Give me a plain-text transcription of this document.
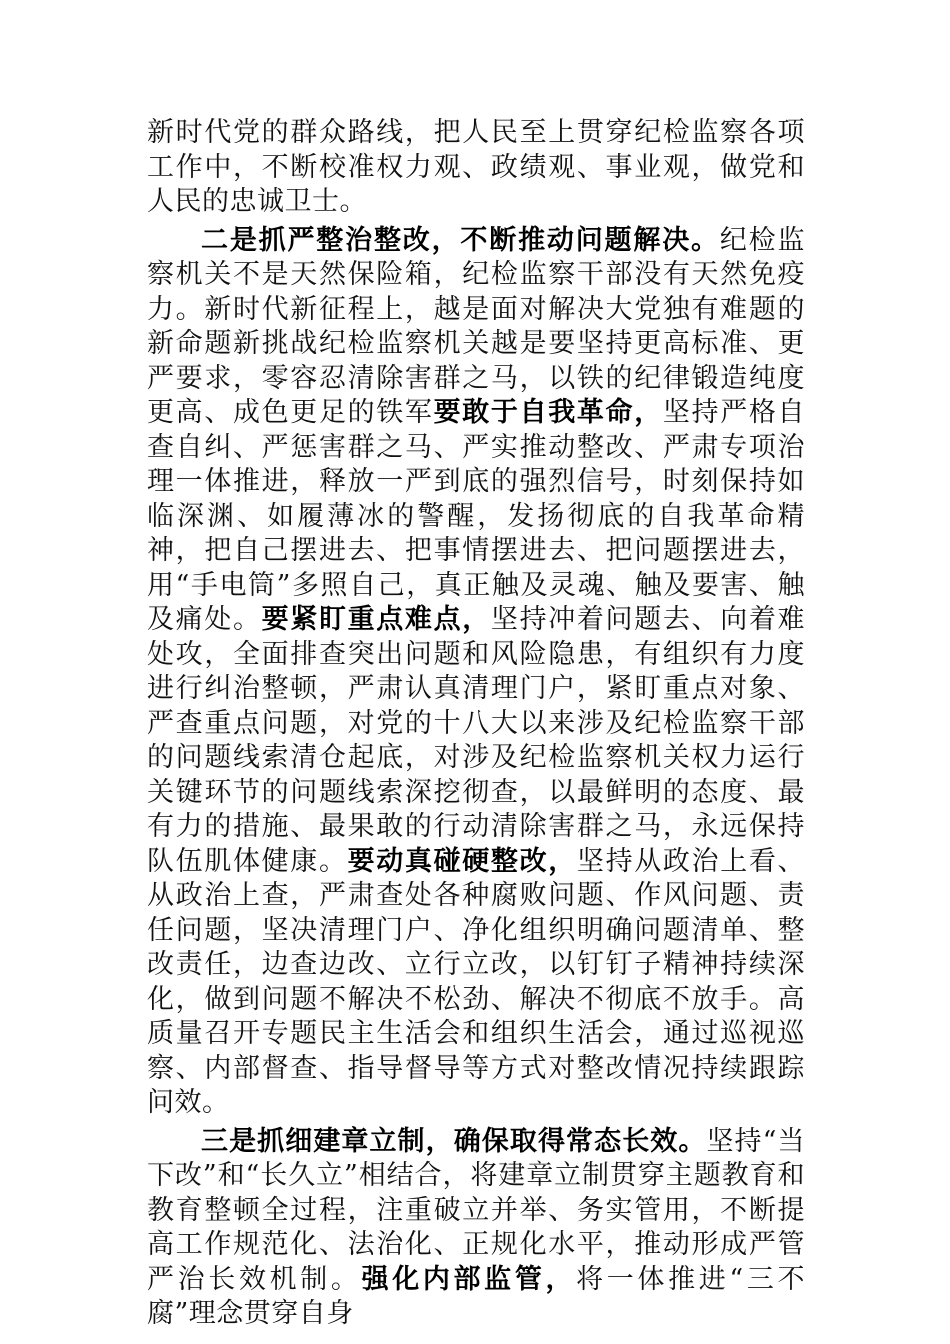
新时代党的群众路线，把人民至上贯穿纪检监察各项工作中，不断校准权力观、政绩观、事业观，做党和人民的忠诚卫士。

二是抓严整治整改，不断推动问题解决。纪检监察机关不是天然保险箱，纪检监察干部没有天然免疫力。新时代新征程上，越是面对解决大党独有难题的新命题新挑战纪检监察机关越是要坚持更高标准、更严要求，零容忍清除害群之马，以铁的纪律锻造纯度更高、成色更足的铁军要敢于自我革命，坚持严格自查自纠、严惩害群之马、严实推动整改、严肃专项治理一体推进，释放一严到底的强烈信号，时刻保持如临深渊、如履薄冰的警醒，发扬彻底的自我革命精神，把自己摆进去、把事情摆进去、把问题摆进去，用“手电筒”多照自己，真正触及灵魂、触及要害、触及痛处。要紧盯重点难点，坚持冲着问题去、向着难处攻，全面排查突出问题和风险隐患，有组织有力度进行纠治整顿，严肃认真清理门户，紧盯重点对象、严查重点问题，对党的十八大以来涉及纪检监察干部的问题线索清仓起底，对涉及纪检监察机关权力运行关键环节的问题线索深挖彻查，以最鲜明的态度、最有力的措施、最果敢的行动清除害群之马，永远保持队伍肌体健康。要动真碰硬整改，坚持从政治上看、从政治上查，严肃查处各种腐败问题、作风问题、责任问题，坚决清理门户、净化组织明确问题清单、整改责任，边查边改、立行立改，以钉钉子精神持续深化，做到问题不解决不松劲、解决不彻底不放手。高质量召开专题民主生活会和组织生活会，通过巡视巡察、内部督查、指导督导等方式对整改情况持续跟踪问效。

三是抓细建章立制，确保取得常态长效。坚持“当下改”和“长久立”相结合，将建章立制贯穿主题教育和教育整顿全过程，注重破立并举、务实管用，不断提高工作规范化、法治化、正规化水平，推动形成严管严治长效机制。强化内部监管，将一体推进“三不腐”理念贯穿自身
